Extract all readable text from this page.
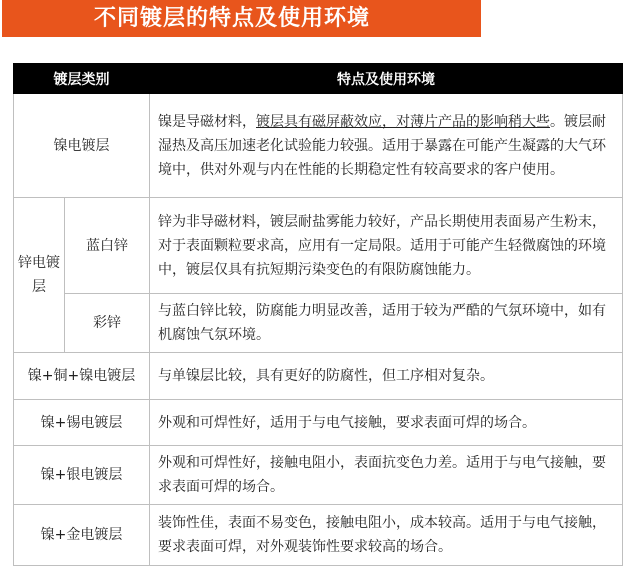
不同镀层的特点及使用环境
镀层类别		特点及使用环境
镍电镀层		镍是导磁材料，镀层具有磁屏蔽效应，对薄片产品的影响稍大些。镀层耐湿热及高压加速老化试验能力较强。适用于暴露在可能产生凝露的大气环境中，供对外观与内在性能的长期稳定性有较高要求的客户使用。
锌电镀层	蓝白锌	锌为非导磁材料，镀层耐盐雾能力较好，产品长期使用表面易产生粉末，对于表面颗粒要求高，应用有一定局限。适用于可能产生轻微腐蚀的环境中，镀层仅具有抗短期污染变色的有限防腐蚀能力。
	彩锌	与蓝白锌比较，防腐能力明显改善，适用于较为严酷的气氛环境中，如有机腐蚀气氛环境。
镍+铜+镍电镀层		与单镍层比较，具有更好的防腐性，但工序相对复杂。
镍+锡电镀层		外观和可焊性好，适用于与电气接触，要求表面可焊的场合。
镍+银电镀层		外观和可焊性好，接触电阻小，表面抗变色力差。适用于与电气接触，要求表面可焊的场合。
镍+金电镀层		装饰性佳，表面不易变色，接触电阻小，成本较高。适用于与电气接触，要求表面可焊，对外观装饰性要求较高的场合。
